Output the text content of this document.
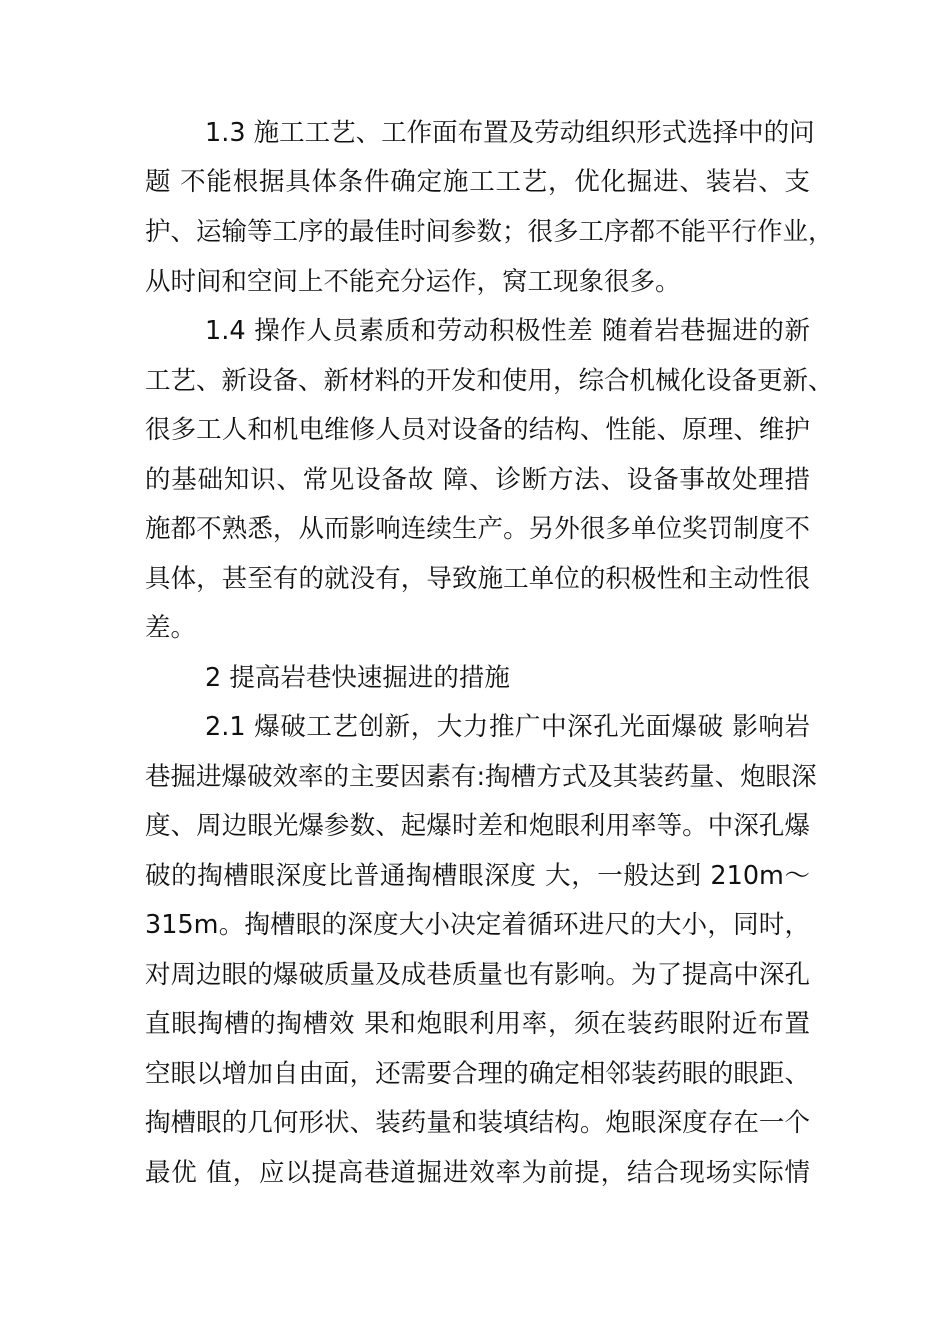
1.3 施工工艺、工作面布置及劳动组织形式选择中的问
题 不能根据具体条件确定施工工艺，优化掘进、装岩、支
护、运输等工序的最佳时间参数；很多工序都不能平行作业，
从时间和空间上不能充分运作，窝工现象很多。
1.4 操作人员素质和劳动积极性差 随着岩巷掘进的新
工艺、新设备、新材料的开发和使用，综合机械化设备更新、
很多工人和机电维修人员对设备的结构、性能、原理、维护
的基础知识、常见设备故 障、诊断方法、设备事故处理措
施都不熟悉，从而影响连续生产。另外很多单位奖罚制度不
具体，甚至有的就没有，导致施工单位的积极性和主动性很
差。
2 提高岩巷快速掘进的措施
2.1 爆破工艺创新，大力推广中深孔光面爆破 影响岩
巷掘进爆破效率的主要因素有:掏槽方式及其装药量、炮眼深
度、周边眼光爆参数、起爆时差和炮眼利用率等。中深孔爆
破的掏槽眼深度比普通掏槽眼深度 大，一般达到 210m～
315m。掏槽眼的深度大小决定着循环进尺的大小，同时，
对周边眼的爆破质量及成巷质量也有影响。为了提高中深孔
直眼掏槽的掏槽效 果和炮眼利用率，须在装药眼附近布置
空眼以增加自由面，还需要合理的确定相邻装药眼的眼距、
掏槽眼的几何形状、装药量和装填结构。炮眼深度存在一个
最优 值，应以提高巷道掘进效率为前提，结合现场实际情
